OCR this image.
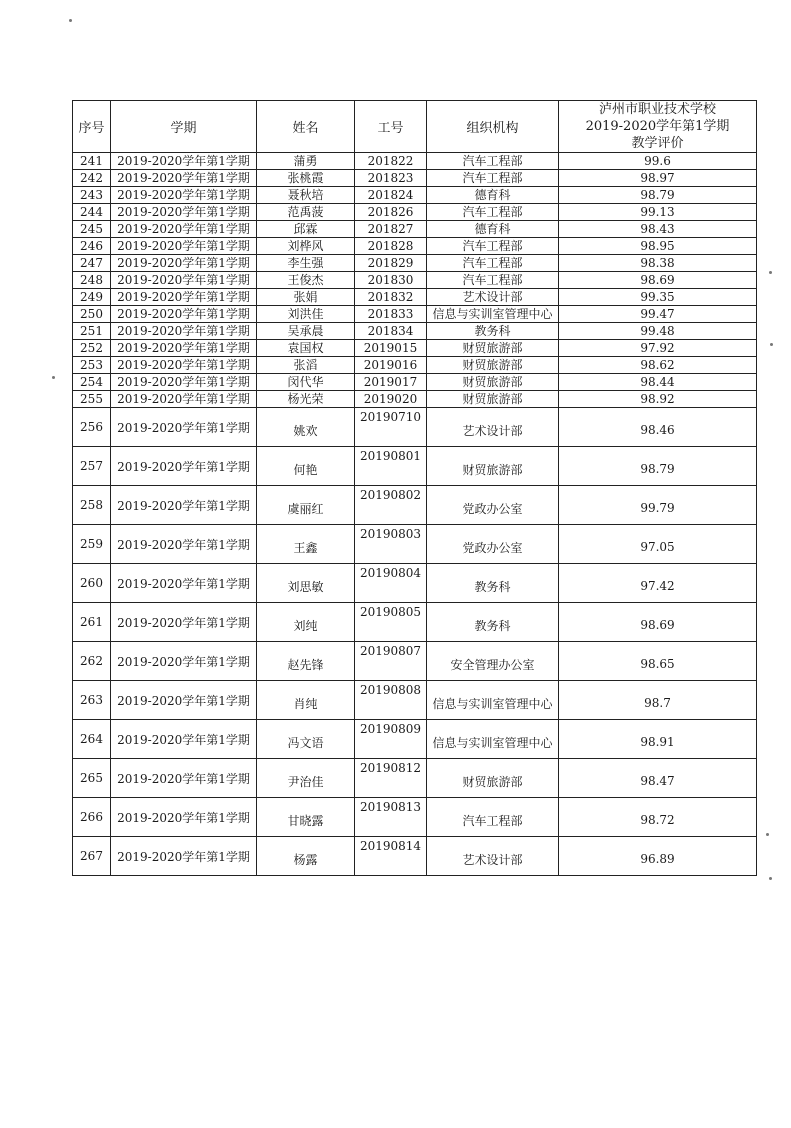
序号	学期	姓名	工号	组织机构	泸州市职业技术学校
2019-2020学年第1学期
教学评价

241	2019-2020学年第1学期	蒲勇	201822	汽车工程部	99.6
242	2019-2020学年第1学期	张桃霞	201823	汽车工程部	98.97
243	2019-2020学年第1学期	聂秋培	201824	德育科	98.79
244	2019-2020学年第1学期	范禹菠	201826	汽车工程部	99.13
245	2019-2020学年第1学期	邱霖	201827	德育科	98.43
246	2019-2020学年第1学期	刘桦风	201828	汽车工程部	98.95
247	2019-2020学年第1学期	李生强	201829	汽车工程部	98.38
248	2019-2020学年第1学期	王俊杰	201830	汽车工程部	98.69
249	2019-2020学年第1学期	张娟	201832	艺术设计部	99.35
250	2019-2020学年第1学期	刘洪佳	201833	信息与实训室管理中心	99.47
251	2019-2020学年第1学期	吴承晨	201834	教务科	99.48
252	2019-2020学年第1学期	袁国权	2019015	财贸旅游部	97.92
253	2019-2020学年第1学期	张滔	2019016	财贸旅游部	98.62
254	2019-2020学年第1学期	闵代华	2019017	财贸旅游部	98.44
255	2019-2020学年第1学期	杨光荣	2019020	财贸旅游部	98.92
256	2019-2020学年第1学期	姚欢	20190710	艺术设计部	98.46
257	2019-2020学年第1学期	何艳	20190801	财贸旅游部	98.79
258	2019-2020学年第1学期	虞丽红	20190802	党政办公室	99.79
259	2019-2020学年第1学期	王鑫	20190803	党政办公室	97.05
260	2019-2020学年第1学期	刘思敏	20190804	教务科	97.42
261	2019-2020学年第1学期	刘纯	20190805	教务科	98.69
262	2019-2020学年第1学期	赵先锋	20190807	安全管理办公室	98.65
263	2019-2020学年第1学期	肖纯	20190808	信息与实训室管理中心	98.7
264	2019-2020学年第1学期	冯文语	20190809	信息与实训室管理中心	98.91
265	2019-2020学年第1学期	尹治佳	20190812	财贸旅游部	98.47
266	2019-2020学年第1学期	甘晓露	20190813	汽车工程部	98.72
267	2019-2020学年第1学期	杨露	20190814	艺术设计部	96.89
